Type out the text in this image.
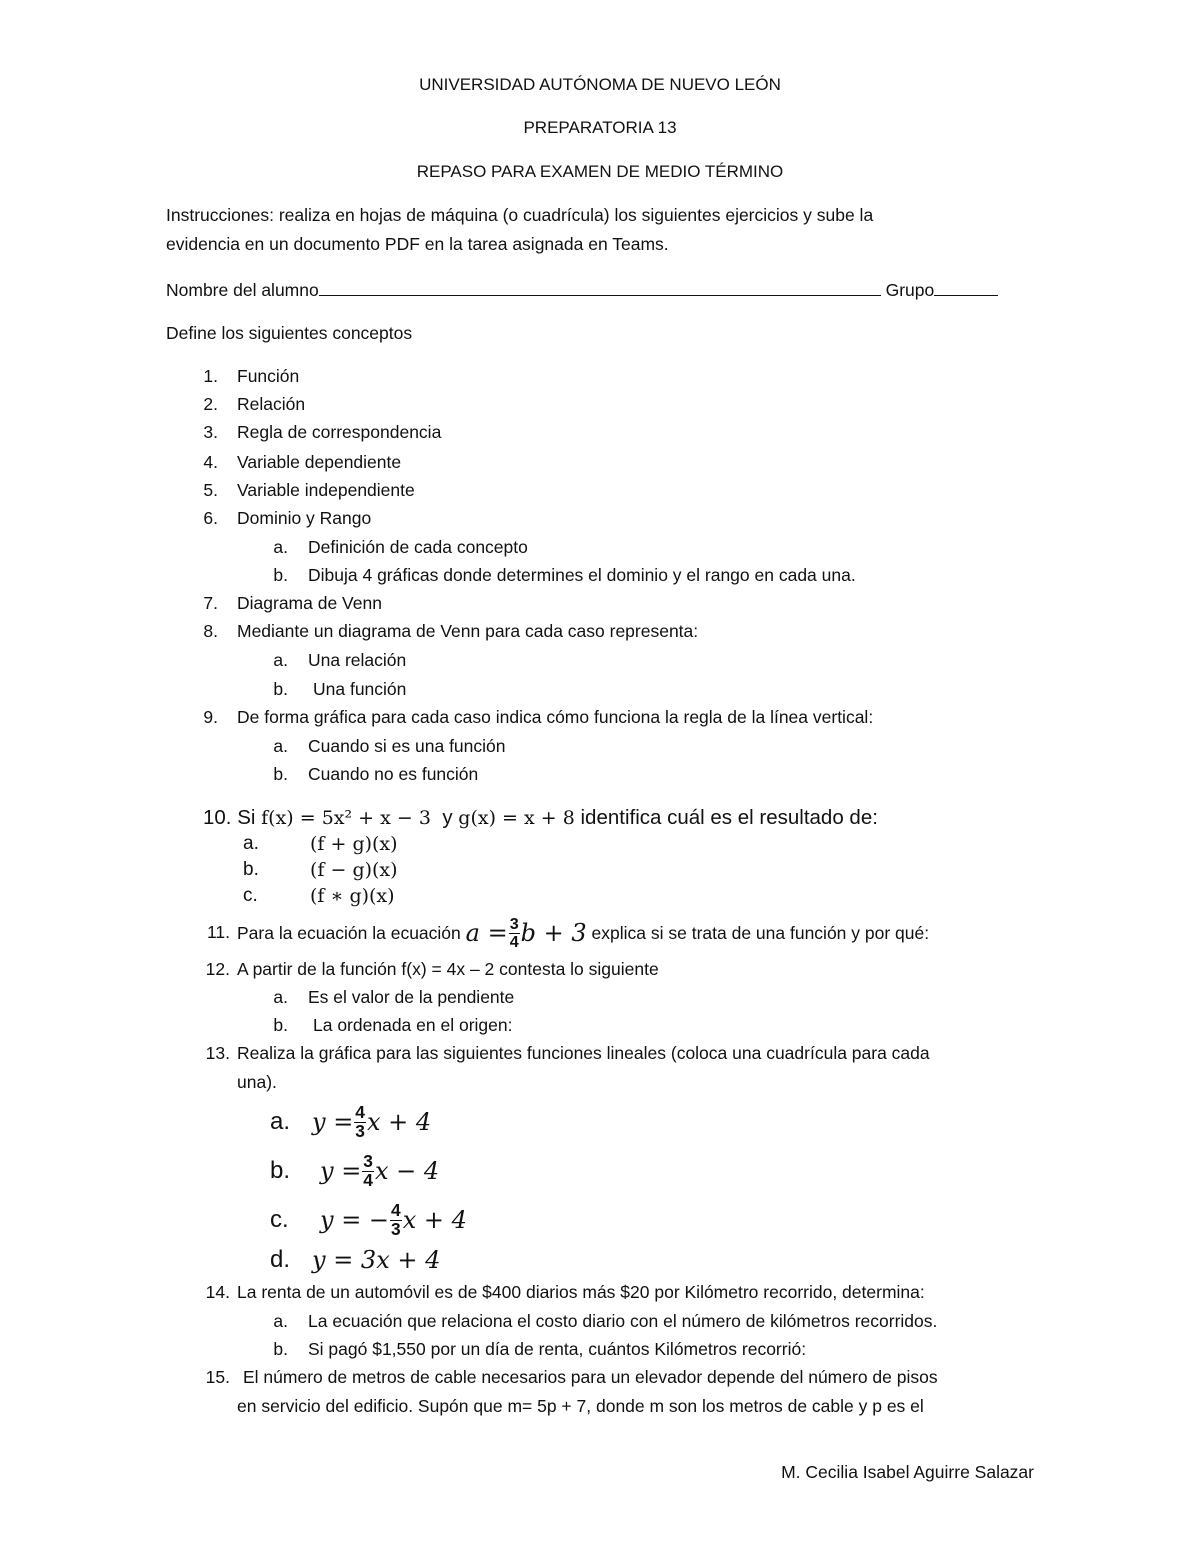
UNIVERSIDAD AUTÓNOMA DE NUEVO LEÓN
PREPARATORIA 13
REPASO PARA EXAMEN DE MEDIO TÉRMINO
Instrucciones: realiza en hojas de máquina (o cuadrícula) los siguientes ejercicios y sube la
evidencia en un documento PDF en la tarea asignada en Teams.
Nombre del alumno	Grupo
Define los siguientes conceptos
1. Función
2. Relación
3. Regla de correspondencia
4. Variable dependiente
5. Variable independiente
6. Dominio y Rango
a. Definición de cada concepto
b. Dibuja 4 gráficas donde determines el dominio y el rango en cada una.
7. Diagrama de Venn
8. Mediante un diagrama de Venn para cada caso representa:
a. Una relación
b. Una función
9. De forma gráfica para cada caso indica cómo funciona la regla de la línea vertical:
a. Cuando si es una función
b. Cuando no es función
10. Si f(x) = 5x² + x − 3 y g(x) = x + 8 identifica cuál es el resultado de:
a.	(f + g)(x)
b.	(f − g)(x)
c.	(f ∗ g)(x)
11. Para la ecuación la ecuación
$a = \frac{3}{4}$ b + 3
explica si se trata de una función y por qué:
12. A partir de la función f(x) = 4x – 2 contesta lo siguiente
a. Es el valor de la pendiente
b. La ordenada en el origen:
13. Realiza la gráfica para las siguientes funciones lineales (coloca una cuadrícula para cada
una).
a. $y = \frac{4}{3}$ x + 4
b.	$y = \frac{3}{4}$ x − 4
c.	y = − $\frac{4}{3}$ x + 4
d. y = 3x + 4
14. La renta de un automóvil es de $400 diarios más $20 por Kilómetro recorrido, determina:
a. La ecuación que relaciona el costo diario con el número de kilómetros recorridos.
b. Si pagó $1,550 por un día de renta, cuántos Kilómetros recorrió:
15. El número de metros de cable necesarios para un elevador depende del número de pisos
en servicio del edificio. Supón que m= 5p + 7, donde m son los metros de cable y p es el
M. Cecilia Isabel Aguirre Salazar
